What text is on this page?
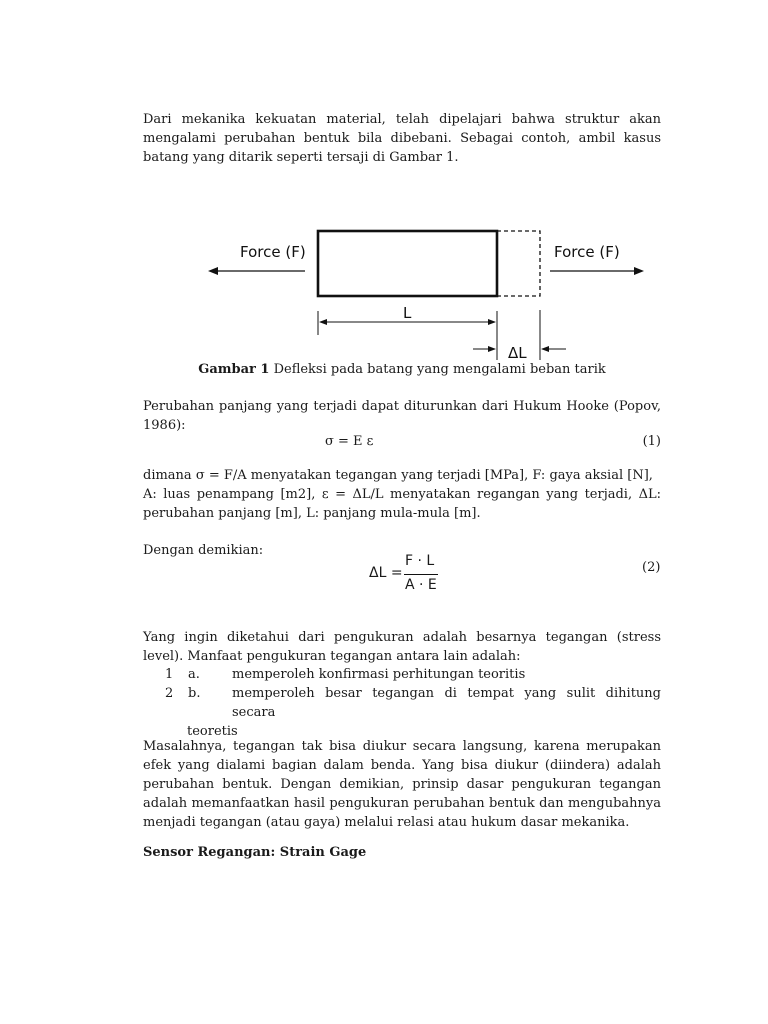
Dari mekanika kekuatan material, telah dipelajari bahwa struktur akan mengalami perubahan bentuk bila dibebani. Sebagai contoh, ambil kasus batang yang ditarik seperti tersaji di Gambar 1.

Force (F)	Force (F)
L
ΔL
Gambar 1 Defleksi pada batang yang mengalami beban tarik

Perubahan panjang yang terjadi dapat diturunkan dari Hukum Hooke (Popov, 1986):

σ = E ε	(1)
dimana σ = F/A menyatakan tegangan yang terjadi [MPa], F: gaya aksial [N],
A: luas penampang [m2], ε = ΔL/L menyatakan regangan yang terjadi, ΔL: perubahan panjang [m], L: panjang mula-mula [m].

Dengan demikian:

ΔL =
F · L
A · E
(2)

Yang ingin diketahui dari pengukuran adalah besarnya tegangan (stress level). Manfaat pengukuran tegangan antara lain adalah:

1 a. memperoleh konfirmasi perhitungan teoritis
2 b. memperoleh besar tegangan di tempat yang sulit dihitung secara
teoretis

Masalahnya, tegangan tak bisa diukur secara langsung, karena merupakan efek yang dialami bagian dalam benda. Yang bisa diukur (diindera) adalah perubahan bentuk. Dengan demikian, prinsip dasar pengukuran tegangan adalah memanfaatkan hasil pengukuran perubahan bentuk dan mengubahnya menjadi tegangan (atau gaya) melalui relasi atau hukum dasar mekanika.

Sensor Regangan: Strain Gage
